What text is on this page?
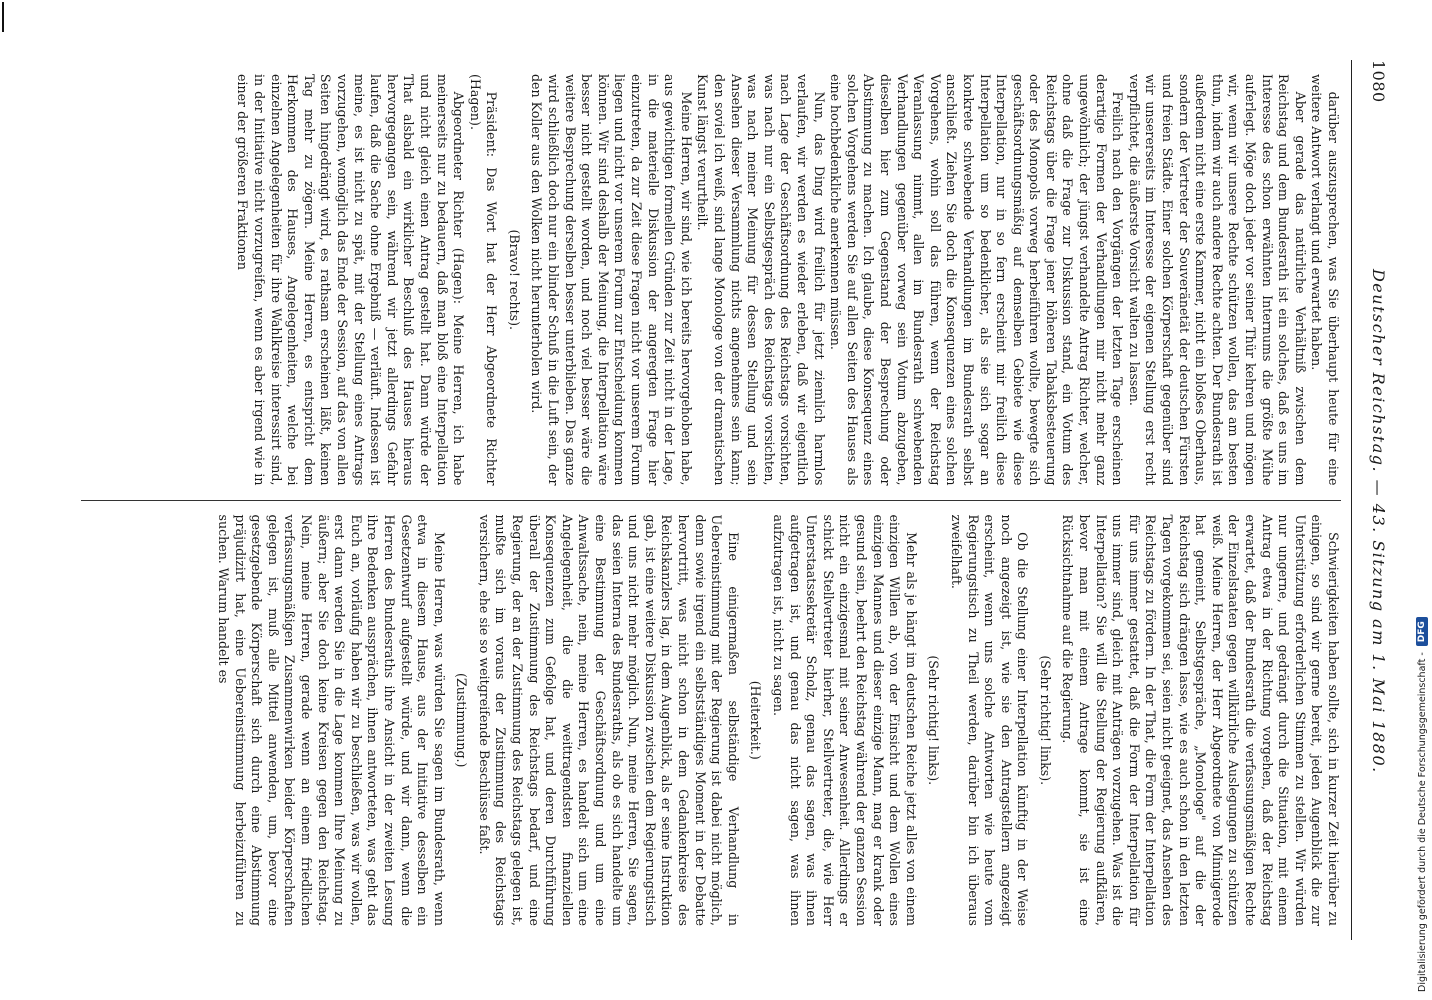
1080
Deutscher Reichstag. — 43. Sitzung am 1. Mai 1880.

darüber auszusprechen, was Sie überhaupt heute für eine weitere Antwort verlangt und erwartet haben.

Aber gerade das natürliche Verhältniß zwischen dem Reichstag und dem Bundesrath ist ein solches, daß es uns im Interesse des schon erwähnten Internums die größte Mühe auferlegt. Möge doch jeder vor seiner Thür kehren und mögen wir, wenn wir unsere Rechte schützen wollen, das am besten thun, indem wir auch andere Rechte achten. Der Bundesrath ist außerdem nicht eine erste Kammer, nicht ein bloßes Oberhaus, sondern der Vertreter der Souveränetät der deutschen Fürsten und freien Städte. Einer solchen Körperschaft gegenüber sind wir unsererseits im Interesse der eigenen Stellung erst recht verpflichtet, die äußerste Vorsicht walten zu lassen.

Freilich nach den Vorgängen der letzten Tage erscheinen derartige Formen der Verhandlungen mir nicht mehr ganz ungewöhnlich; der jüngst verhandelte Antrag Richter, welcher, ohne daß die Frage zur Diskussion stand, ein Votum des Reichstags über die Frage jener höheren Tabaksbesteuerung oder des Monopols vorweg herbeiführen wollte, bewegte sich geschäftsordnungsmäßig auf demselben Gebiete wie diese Interpellation, nur in so fern erscheint mir freilich diese Interpellation um so bedenklicher, als sie sich sogar an konkrete schwebende Verhandlungen im Bundesrath selbst anschließt. Ziehen Sie doch die Konsequenzen eines solchen Vorgehens, wohin soll das führen, wenn der Reichstag Veranlassung nimmt, allen im Bundesrath schwebenden Verhandlungen gegenüber vorweg sein Votum abzugeben, dieselben hier zum Gegenstand der Besprechung oder Abstimmung zu machen. Ich glaube, diese Konsequenz eines solchen Vorgehens werden Sie auf allen Seiten des Hauses als eine hochbedenkliche anerkennen müssen.

Nun, das Ding wird freilich für jetzt ziemlich harmlos verlaufen, wir werden es wieder erleben, daß wir eigentlich nach Lage der Geschäftsordnung des Reichstags vorsichten, was nach nur ein Selbstgespräch des Reichstags vorsichten, was nach meiner Meinung für dessen Stellung und sein Ansehen dieser Versammlung nichts angenehmes sein kann; den soviel ich weiß, sind lange Monologe von der dramatischen Kunst längst verurtheilt.

Meine Herren, wir sind, wie ich bereits hervorgehoben habe, aus gewichtigen formellen Gründen zur Zeit nicht in der Lage, in die materielle Diskussion der angeregten Frage hier einzutreten, da zur Zeit diese Fragen nicht vor unserem Forum liegen und nicht vor unserem Forum zur Entscheidung kommen können. Wir sind deshalb der Meinung, die Interpellation wäre besser nicht gestellt worden, und noch viel besser wäre die weitere Besprechung derselben besser unterblieben. Das ganze wird schließlich doch nur ein blinder Schuß in die Luft sein, der den Koller aus den Wolken nicht herunterholen wird.

(Bravo! rechts).

Präsident: Das Wort hat der Herr Abgeordnete Richter (Hagen).

Abgeordneter Richter (Hagen): Meine Herren, ich habe meinerseits nur zu bedauern, daß man bloß eine Interpellation und nicht gleich einen Antrag gestellt hat. Dann würde der That alsbald ein wirklicher Beschluß des Hauses hieraus hervorgegangen sein, während wir jetzt allerdings Gefahr laufen, daß die Sache ohne Ergebniß — verläuft. Indessen ist meine, es ist nicht zu spät, mit der Stellung eines Antrags vorzugehen, womöglich das Ende der Session, auf das von allen Seiten hingedrängt wird, es rathsam erscheinen läßt, keinen Tag mehr zu zögern. Meine Herren, es entspricht dem Herkommen des Hauses, Angelegenheiten, welche bei einzelnen Angelegenheiten für ihre Wahlkreise interessirt sind, in der Initiative nicht vorzugreifen, wenn es aber irgend wie in einer der größeren Fraktionen

Schwierigkeiten haben sollte, sich in kurzer Zeit hierüber zu einigen, so sind wir gerne bereit, jeden Augenblick die zur Unterstützung erforderlichen Stimmen zu stellen. Wir würden nur ungerne, und gedrängt durch die Situation, mit einem Antrag etwa in der Richtung vorgehen, daß der Reichstag erwartet, daß der Bundesrath die verfassungsmäßigen Rechte der Einzelstaaten gegen willkürliche Auslegungen zu schützen weiß. Meine Herren, der Herr Abgeordnete von Minnigerode hat gemeint, Selbstgespräche, „Monologe" auf die der Reichstag sich drängen lasse, wie es auch schon in den letzten Tagen vorgekommen sei, seien nicht geeignet, das Ansehen des Reichstags zu fördern. In der That, die Form der Interpellation für uns immer gestattet, daß die Form der Interpellation für uns immer sind, gleich mit Anträgen vorzugehen. Was ist die Interpellation? Sie will die Stellung der Regierung aufklären, bevor man mit einem Antrage kommt, sie ist eine Rücksichtnahme auf die Regierung.

(Sehr richtig! links).

Ob die Stellung einer Interpellation künftig in der Weise noch angezeigt ist, wie sie den Antragstellern angezeigt erscheint, wenn uns solche Antworten wie heute vom Regierungstisch zu Theil werden, darüber bin ich überaus zweifelhaft.

(Sehr richtig! links).

Mehr als je hängt im deutschen Reiche jetzt alles von einem einzigen Willen ab, von der Einsicht und dem Wollen eines einzigen Mannes und dieser einzige Mann, mag er krank oder gesund sein, beehrt den Reichstag während der ganzen Session nicht ein einzigesmal mit seiner Anwesenheit. Allerdings er schickt Stellvertreter hierher, Stellvertreter, die, wie Herr Unterstaatssekretär Scholz, genau das sagen, was ihnen aufgetragen ist, und genau das nicht sagen, was ihnen aufzutragen ist, nicht zu sagen.

(Heiterkeit.)

Eine einigermaßen selbständige Verhandlung in Uebereinstimmung mit der Regierung ist dabei nicht möglich, denn sowie irgend ein selbstständiges Moment in der Debatte hervortritt, was nicht schon in dem Gedankenkreise des Reichskanzlers lag, in dem Augenblick, als er seine Instruktion gab, ist eine weitere Diskussion zwischen dem Regierungstisch und uns nicht mehr möglich. Nun, meine Herren, Sie sagen, das seien Interna des Bundesraths, als ob es sich handelte um eine Bestimmung der Geschäftsordnung und um eine Anwaltssache, nein, meine Herren, es handelt sich um eine Angelegenheit, die die weittragendsten finanziellen Konsequenzen zum Gefolge hat, und deren Durchführung überall der Zustimmung des Reichstags bedarf, und eine Regierung, der an der Zustimmung des Reichstags gelegen ist, mußte sich im voraus der Zustimmung des Reichstags versichern, ehe sie so weitgreifende Beschlüsse faßt.

(Zustimmung.)

Meine Herren, was würden Sie sagen im Bundesrath, wenn etwa in diesem Hause, aus der Initiative desselben ein Gesetzentwurf aufgestellt würde, und wir dann, wenn die Herren des Bundesraths ihre Ansicht in der zweiten Lesung ihre Bedenken aussprächen, ihnen antworteten, was geht das Euch an, vorläufig haben wir zu beschließen, was wir wollen, erst dann werden Sie in die Lage kommen Ihre Meinung zu äußern; aber Sie doch keine Kreisen gegen den Reichstag. Nein, meine Herren, gerade wenn an einem friedlichen verfassungsmäßigen Zusammenwirken beider Körperschaften gelegen ist, muß alle Mittel anwenden, um, bevor eine gesetzgebende Körperschaft sich durch eine Abstimmung präjudizirt hat, eine Uebereinstimmung herbeizuführen zu suchen. Warum handelt es

Digitalisierung gefördert durch die Deutsche Forschungsgemeinschaft -
DFG
